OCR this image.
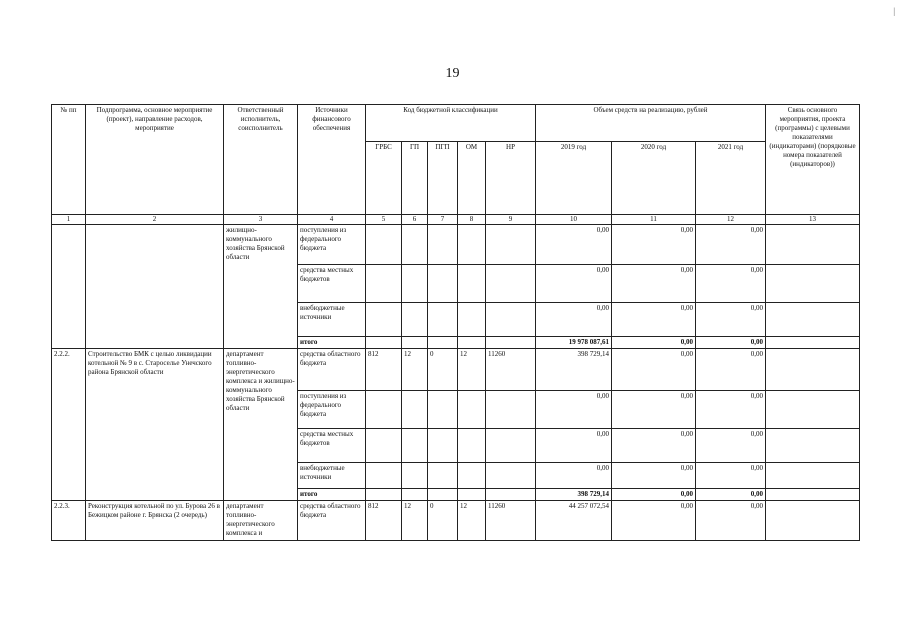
19
|
№ пп	Подпрограмма, основное мероприятие (проект), направление расходов, мероприятие	Ответственный исполнитель, соисполнитель	Источники финансового обеспечения	Код бюджетной классификации					Объем средств на реализацию, рублей			Связь основного мероприятия, проекта (программы) с целевыми показателями (индикаторами) (порядковые номера показателей (индикаторов))
				ГРБС	ГП	ПГП	ОМ	НР	2019 год	2020 год	2021 год	
1	2	3	4	5	6	7	8	9	10	11	12	13
		жилищно-коммунального хозяйства Брянской области	поступления из федерального бюджета						0,00	0,00	0,00	
			средства местных бюджетов						0,00	0,00	0,00	
			внебюджетные источники						0,00	0,00	0,00	
			итого						19 978 087,61	0,00	0,00	
2.2.2.	Строительство БМК с целью ликвидации котельной № 9 в с. Староселье Унечского района Брянской области	департамент топливно-энергетического комплекса и жилищно-коммунального хозяйства Брянской области	средства областного бюджета	812	12	0	12	11260	398 729,14	0,00	0,00	
			поступления из федерального бюджета						0,00	0,00	0,00	
			средства местных бюджетов						0,00	0,00	0,00	
			внебюджетные источники						0,00	0,00	0,00	
			итого						398 729,14	0,00	0,00	
2.2.3.	Реконструкция котельной по ул. Бурова 26 в Бежицком районе г. Брянска (2 очередь)	департамент топливно-энергетического комплекса и	средства областного бюджета	812	12	0	12	11260	44 257 072,54	0,00	0,00	
